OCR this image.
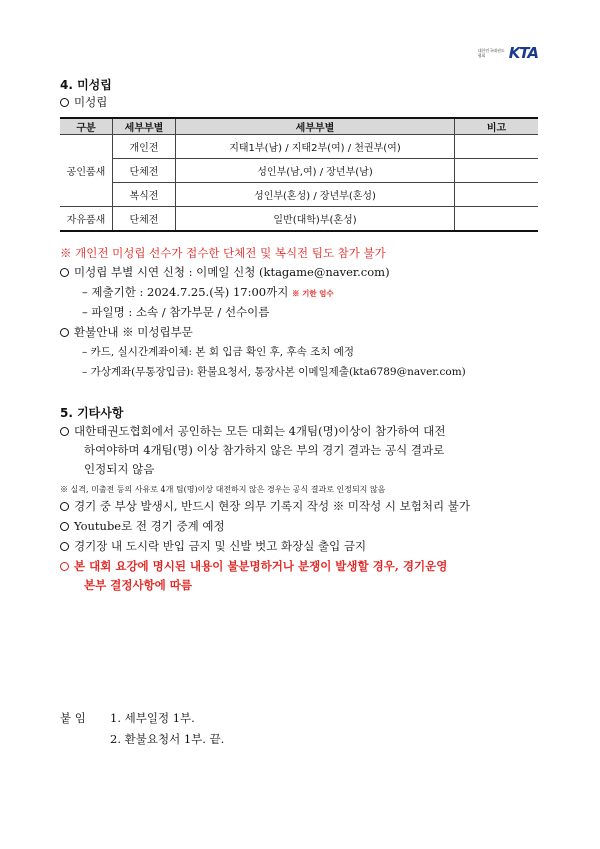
대한민국태권도협회	KTA
4. 미성립
미성립
구분	세부부별	세부부별	비고
공인품새	개인전	지태1부(남) / 지태2부(여) / 천권부(여)	
	단체전	성인부(남,여) / 장년부(남)	
	복식전	성인부(혼성) / 장년부(혼성)	
자유품새	단체전	일반(대학)부(혼성)	
※ 개인전 미성립 선수가 접수한 단체전 및 복식전 팀도 참가 불가
미성립 부별 시연 신청 : 이메일 신청 (ktagame@naver.com)
– 제출기한 : 2024.7.25.(목) 17:00까지 ※ 기한 엄수
– 파일명 : 소속 / 참가부문 / 선수이름
환불안내 ※ 미성립부문
– 카드, 실시간계좌이체: 본 회 입금 확인 후, 후속 조치 예정
– 가상계좌(무통장입금): 환불요청서, 통장사본 이메일제출(kta6789@naver.com)
5. 기타사항
대한태권도협회에서 공인하는 모든 대회는 4개팀(명)이상이 참가하여 대전
하여야하며 4개팀(명) 이상 참가하지 않은 부의 경기 결과는 공식 결과로
인정되지 않음
※ 실격, 미출전 등의 사유로 4개 팀(명)이상 대전하지 않은 경우는 공식 결과로 인정되지 않음
경기 중 부상 발생시, 반드시 현장 의무 기록지 작성 ※ 미작성 시 보험처리 불가
Youtube로 전 경기 중계 예정
경기장 내 도시락 반입 금지 및 신발 벗고 화장실 출입 금지
본 대회 요강에 명시된 내용이 불분명하거나 분쟁이 발생할 경우, 경기운영
본부 결정사항에 따름
붙 임 1. 세부일정 1부.
2. 환불요청서 1부. 끝.
